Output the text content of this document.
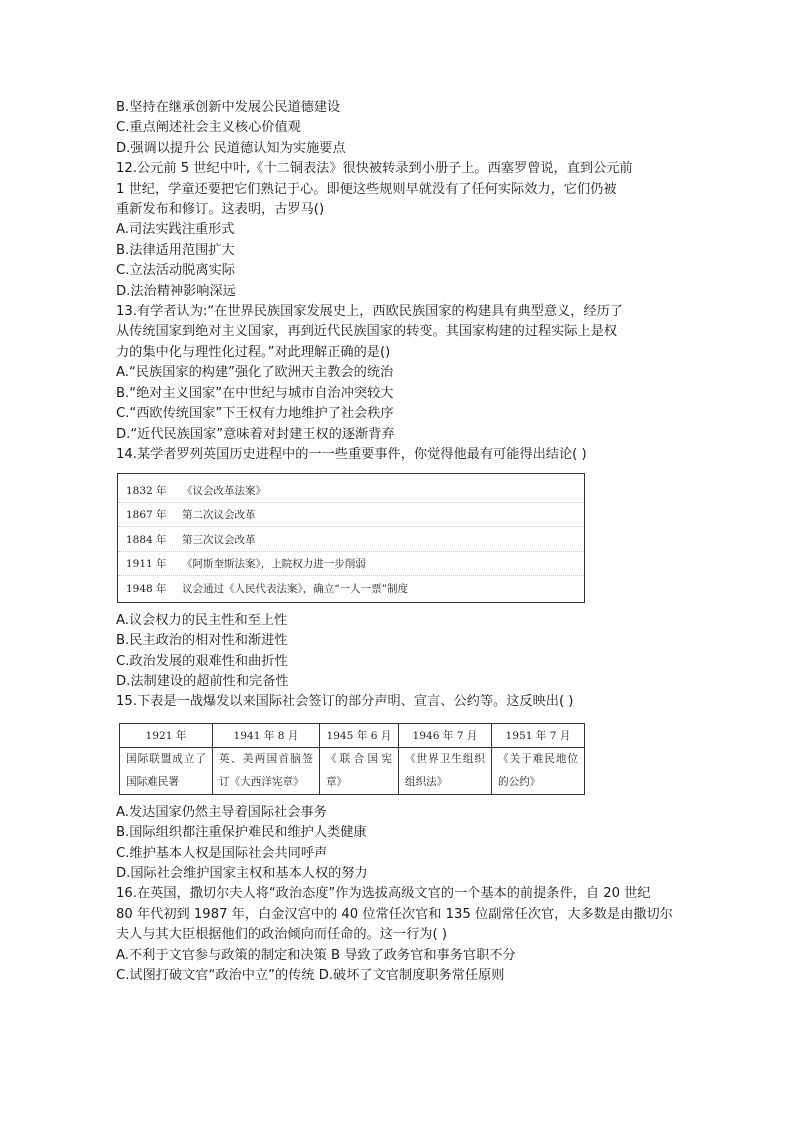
B.坚持在继承创新中发展公民道德建设
C.重点阐述社会主义核心价值观
D.强调以提升公 民道德认知为实施要点
12.公元前 5 世纪中叶,《十二铜表法》很快被转录到小册子上。西塞罗曾说，直到公元前
1 世纪，学童还要把它们熟记于心。即便这些规则早就没有了任何实际效力，它们仍被
重新发布和修订。这表明，古罗马()
A.司法实践注重形式
B.法律适用范围扩大
C.立法活动脱离实际
D.法治精神影响深远
13.有学者认为:“在世界民族国家发展史上，西欧民族国家的构建具有典型意义，经历了
从传统国家到绝对主义国家，再到近代民族国家的转变。其国家构建的过程实际上是权
力的集中化与理性化过程。”对此理解正确的是()
A.“民族国家的构建”强化了欧洲天主教会的统治
B.“绝对主义国家”在中世纪与城市自治冲突较大
C.“西欧传统国家”下王权有力地维护了社会秩序
D.“近代民族国家”意味着对封建王权的逐渐背弃
14.某学者罗列英国历史进程中的一一些重要事件，你觉得他最有可能得出结论( )
1832 年	《议会改革法案》
1867 年	第二次议会改革
1884 年	第三次议会改革
1911 年	《阿斯奎斯法案》，上院权力进一步削弱
1948 年	议会通过《人民代表法案》，确立“一人一票”制度
A.议会权力的民主性和至上性
B.民主政治的相对性和渐进性
C.政治发展的艰难性和曲折性
D.法制建设的超前性和完备性
15.下表是一战爆发以来国际社会签订的部分声明、宣言、公约等。这反映出( )
1921 年	1941 年 8 月	1945 年 6 月	1946 年 7 月	1951 年 7 月
国际联盟成立了国际难民署	英、美两国首脑签订《大西洋宪章》	《联合国宪章》	《世界卫生组织组织法》	《关于难民地位的公约》
A.发达国家仍然主导着国际社会事务
B.国际组织都注重保护难民和维护人类健康
C.维护基本人权是国际社会共同呼声
D.国际社会维护国家主权和基本人权的努力
16.在英国，撒切尔夫人将“政治态度”作为选拔高级文官的一个基本的前提条件，自 20 世纪
80 年代初到 1987 年，白金汉宫中的 40 位常任次官和 135 位副常任次官，大多数是由撒切尔
夫人与其大臣根据他们的政治倾向而任命的。这一行为( )
A.不利于文官参与政策的制定和决策 B 导致了政务官和事务官职不分
C.试图打破文官“政治中立”的传统 D.破坏了文官制度职务常任原则
